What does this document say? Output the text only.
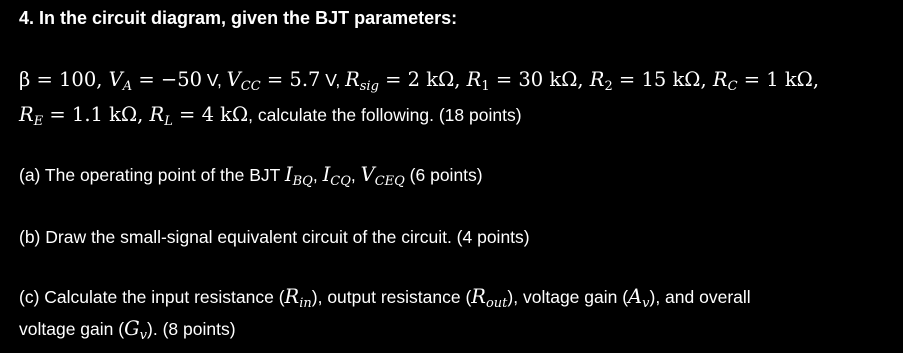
4. In the circuit diagram, given the BJT parameters:
β = 100, $V_A = -50$ V, $V_{CC} = 5.7$ V, $R_{sig} = 2$ kΩ, $R_1 = 30$ kΩ, $R_2 = 15$ kΩ, $R_C = 1$ kΩ,
$R_E = 1.1$ kΩ, $R_L = 4$ kΩ, calculate the following. (18 points)
(a) The operating point of the BJT $I_{BQ}$, $I_{CQ}$, $V_{CEQ}$ (6 points)
(b) Draw the small-signal equivalent circuit of the circuit. (4 points)
(c) Calculate the input resistance $(R_{in})$, output resistance $(R_{out})$, voltage gain $(A_v)$, and overall
voltage gain $(G_v)$. (8 points)
